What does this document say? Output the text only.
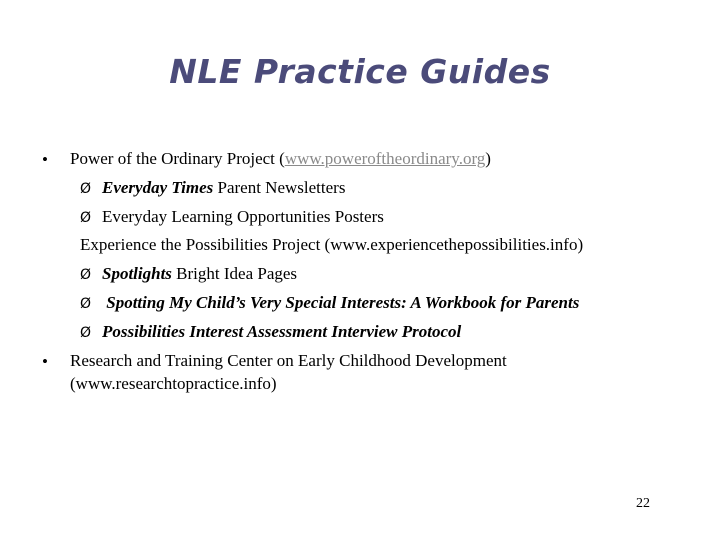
NLE Practice Guides
• Power of the Ordinary Project (www.poweroftheordinary.org)
Ø Everyday Times Parent Newsletters
Ø Everyday Learning Opportunities Posters
Experience the Possibilities Project (www.experiencethepossibilities.info)
Ø Spotlights Bright Idea Pages
Ø Spotting My Child’s Very Special Interests: A Workbook for Parents
Ø Possibilities Interest Assessment Interview Protocol
• Research and Training Center on Early Childhood Development
(www.researchtopractice.info)
22
